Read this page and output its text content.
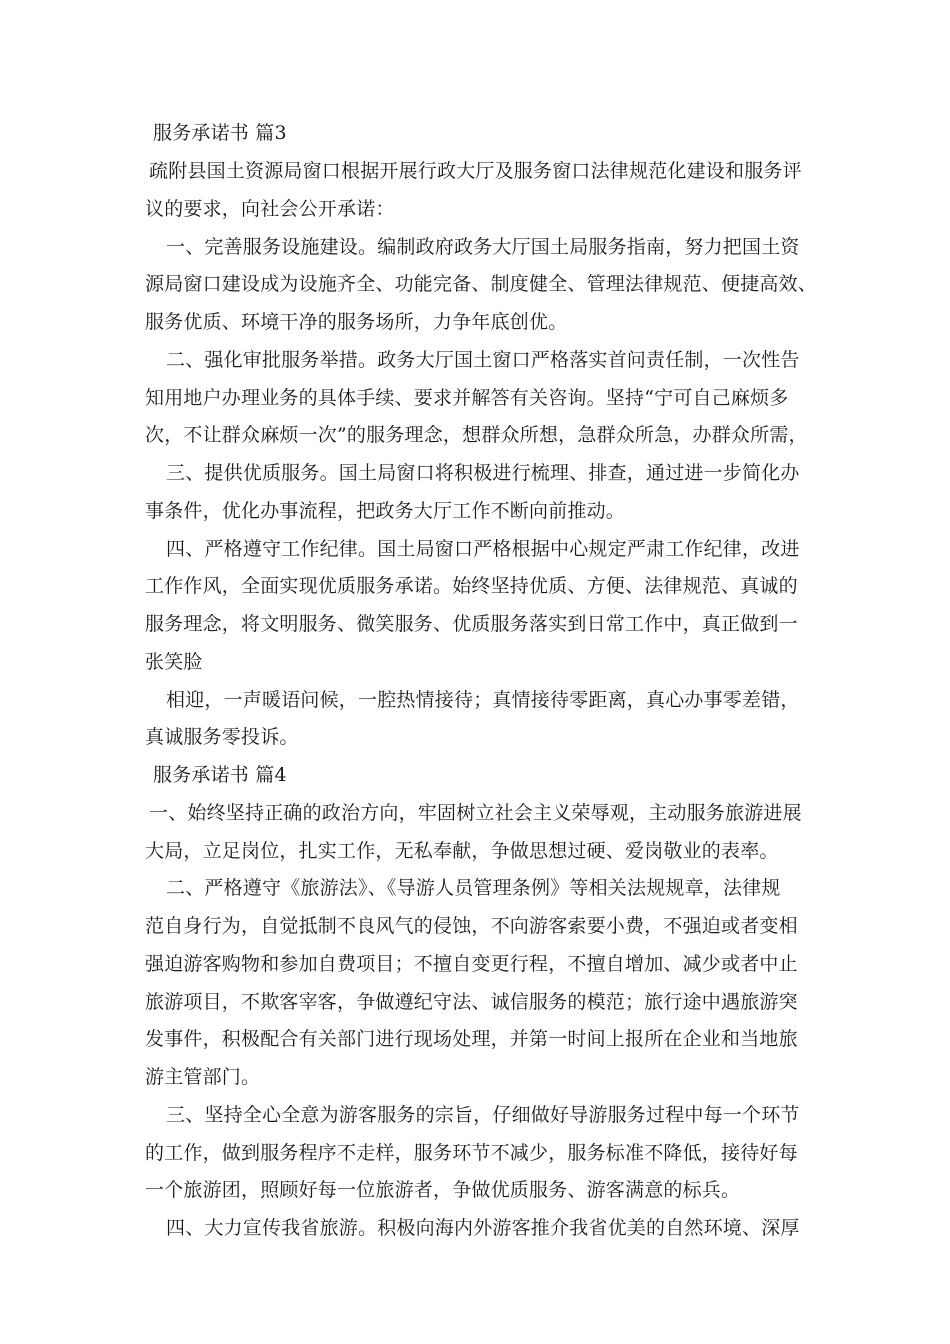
服务承诺书 篇3
疏附县国土资源局窗口根据开展行政大厅及服务窗口法律规范化建设和服务评
议的要求，向社会公开承诺：
一、完善服务设施建设。编制政府政务大厅国土局服务指南，努力把国土资
源局窗口建设成为设施齐全、功能完备、制度健全、管理法律规范、便捷高效、
服务优质、环境干净的服务场所，力争年底创优。
二、强化审批服务举措。政务大厅国土窗口严格落实首问责任制，一次性告
知用地户办理业务的具体手续、要求并解答有关咨询。坚持“宁可自己麻烦多
次，不让群众麻烦一次”的服务理念，想群众所想，急群众所急，办群众所需，
三、提供优质服务。国土局窗口将积极进行梳理、排查，通过进一步简化办
事条件，优化办事流程，把政务大厅工作不断向前推动。
四、严格遵守工作纪律。国土局窗口严格根据中心规定严肃工作纪律，改进
工作作风，全面实现优质服务承诺。始终坚持优质、方便、法律规范、真诚的
服务理念，将文明服务、微笑服务、优质服务落实到日常工作中，真正做到一
张笑脸
相迎，一声暖语问候，一腔热情接待；真情接待零距离，真心办事零差错，
真诚服务零投诉。
服务承诺书 篇4
一、始终坚持正确的政治方向，牢固树立社会主义荣辱观，主动服务旅游进展
大局，立足岗位，扎实工作，无私奉献，争做思想过硬、爱岗敬业的表率。
二、严格遵守《旅游法》、《导游人员管理条例》等相关法规规章，法律规
范自身行为，自觉抵制不良风气的侵蚀，不向游客索要小费，不强迫或者变相
强迫游客购物和参加自费项目；不擅自变更行程，不擅自增加、减少或者中止
旅游项目，不欺客宰客，争做遵纪守法、诚信服务的模范；旅行途中遇旅游突
发事件，积极配合有关部门进行现场处理，并第一时间上报所在企业和当地旅
游主管部门。
三、坚持全心全意为游客服务的宗旨，仔细做好导游服务过程中每一个环节
的工作，做到服务程序不走样，服务环节不减少，服务标准不降低，接待好每
一个旅游团，照顾好每一位旅游者，争做优质服务、游客满意的标兵。
四、大力宣传我省旅游。积极向海内外游客推介我省优美的自然环境、深厚
